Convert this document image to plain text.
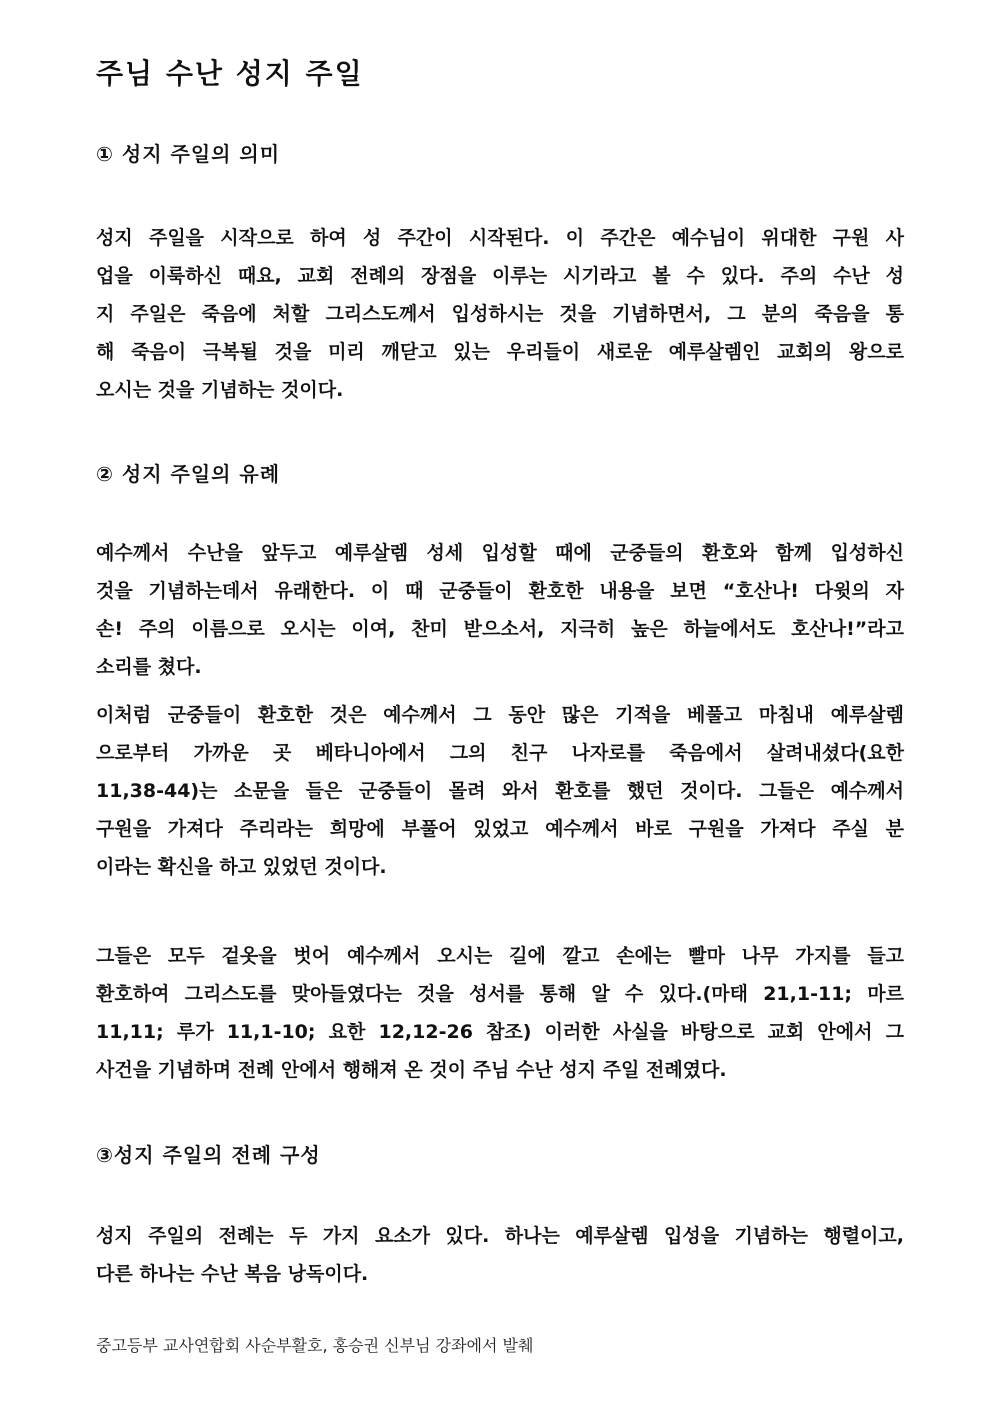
주님 수난 성지 주일
① 성지 주일의 의미

성지 주일을 시작으로 하여 성 주간이 시작된다. 이 주간은 예수님이 위대한 구원 사
업을 이룩하신 때요, 교회 전례의 장점을 이루는 시기라고 볼 수 있다. 주의 수난 성
지 주일은 죽음에 처할 그리스도께서 입성하시는 것을 기념하면서, 그 분의 죽음을 통
해 죽음이 극복될 것을 미리 깨닫고 있는 우리들이 새로운 예루살렘인 교회의 왕으로
오시는 것을 기념하는 것이다.

② 성지 주일의 유례

예수께서 수난을 앞두고 예루살렘 성세 입성할 때에 군중들의 환호와 함께 입성하신
것을 기념하는데서 유래한다. 이 때 군중들이 환호한 내용을 보면 “호산나! 다윗의 자
손! 주의 이름으로 오시는 이여, 찬미 받으소서, 지극히 높은 하늘에서도 호산나!”라고
소리를 쳤다.

이처럼 군중들이 환호한 것은 예수께서 그 동안 많은 기적을 베풀고 마침내 예루살렘
으로부터 가까운 곳 베타니아에서 그의 친구 나자로를 죽음에서 살려내셨다(요한
11,38-44)는 소문을 들은 군중들이 몰려 와서 환호를 했던 것이다. 그들은 예수께서
구원을 가져다 주리라는 희망에 부풀어 있었고 예수께서 바로 구원을 가져다 주실 분
이라는 확신을 하고 있었던 것이다.

그들은 모두 겉옷을 벗어 예수께서 오시는 길에 깔고 손에는 빨마 나무 가지를 들고
환호하여 그리스도를 맞아들였다는 것을 성서를 통해 알 수 있다.(마태 21,1-11; 마르
11,11; 루가 11,1-10; 요한 12,12-26 참조) 이러한 사실을 바탕으로 교회 안에서 그
사건을 기념하며 전례 안에서 행해져 온 것이 주님 수난 성지 주일 전례였다.

③성지 주일의 전례 구성

성지 주일의 전례는 두 가지 요소가 있다. 하나는 예루살렘 입성을 기념하는 행렬이고,
다른 하나는 수난 복음 낭독이다.

중고등부 교사연합회 사순부활호, 홍승권 신부님 강좌에서 발췌
